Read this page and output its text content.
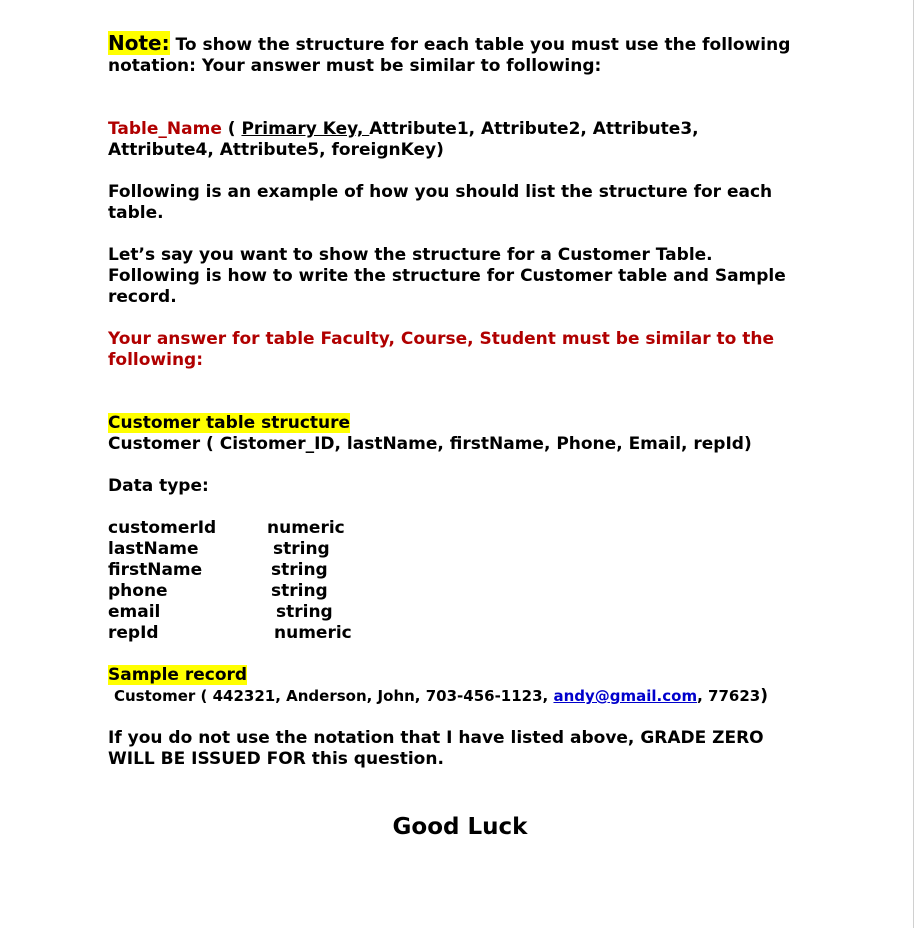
Note: To show the structure for each table you must use the following notation: Your answer must be similar to following:

Table_Name ( Primary Key, Attribute1, Attribute2, Attribute3, Attribute4, Attribute5, foreignKey)

Following is an example of how you should list the structure for each table.

Let’s say you want to show the structure for a Customer Table. Following is how to write the structure for Customer table and Sample record.

Your answer for table Faculty, Course, Student must be similar to the following:

Customer table structure

Customer ( Cistomer_ID, lastName, firstName, Phone, Email, repId)

Data type:

customerId	numeric
lastName	string
firstName	string
phone	string
email	string
repId	numeric

Sample record

Customer ( 442321, Anderson, John, 703-456-1123, andy@gmail.com, 77623)

If you do not use the notation that I have listed above, GRADE ZERO WILL BE ISSUED FOR this question.

Good Luck
